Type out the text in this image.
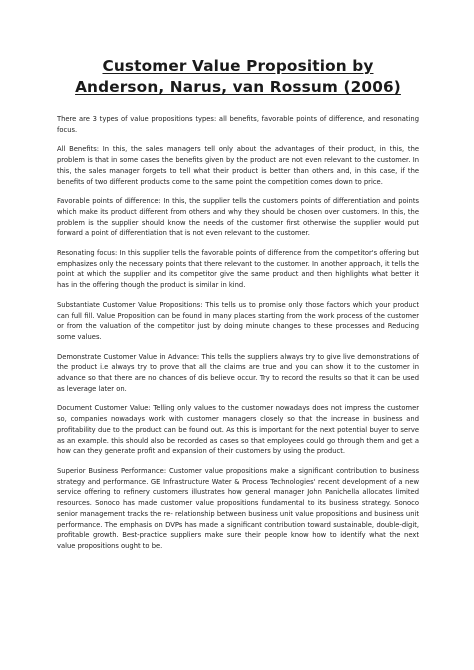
Customer Value Proposition by
Anderson, Narus, van Rossum (2006)

There are 3 types of value propositions types: all benefits, favorable points of difference, and resonating focus.

All Benefits: In this, the sales managers tell only about the advantages of their product, in this, the problem is that in some cases the benefits given by the product are not even relevant to the customer. In this, the sales manager forgets to tell what their product is better than others and, in this case, if the benefits of two different products come to the same point the competition comes down to price.

Favorable points of difference: In this, the supplier tells the customers points of differentiation and points which make its product different from others and why they should be chosen over customers. In this, the problem is the supplier should know the needs of the customer first otherwise the supplier would put forward a point of differentiation that is not even relevant to the customer.

Resonating focus: In this supplier tells the favorable points of difference from the competitor's offering but emphasizes only the necessary points that there relevant to the customer. In another approach, it tells the point at which the supplier and its competitor give the same product and then highlights what better it has in the offering though the product is similar in kind.

Substantiate Customer Value Propositions: This tells us to promise only those factors which your product can full fill. Value Proposition can be found in many places starting from the work process of the customer or from the valuation of the competitor just by doing minute changes to these processes and Reducing some values.

Demonstrate Customer Value in Advance: This tells the suppliers always try to give live demonstrations of the product i.e always try to prove that all the claims are true and you can show it to the customer in advance so that there are no chances of dis believe occur. Try to record the results so that it can be used as leverage later on.

Document Customer Value: Telling only values to the customer nowadays does not impress the customer so, companies nowadays work with customer managers closely so that the increase in business and profitability due to the product can be found out. As this is important for the next potential buyer to serve as an example. this should also be recorded as cases so that employees could go through them and get a how can they generate profit and expansion of their customers by using the product.

Superior Business Performance: Customer value propositions make a significant contribution to business strategy and performance. GE Infrastructure Water & Process Technologies' recent development of a new service offering to refinery customers illustrates how general manager John Panichella allocates limited resources. Sonoco has made customer value propositions fundamental to its business strategy. Sonoco senior management tracks the re- relationship between business unit value propositions and business unit performance. The emphasis on DVPs has made a significant contribution toward sustainable, double-digit, profitable growth. Best-practice suppliers make sure their people know how to identify what the next value propositions ought to be.
